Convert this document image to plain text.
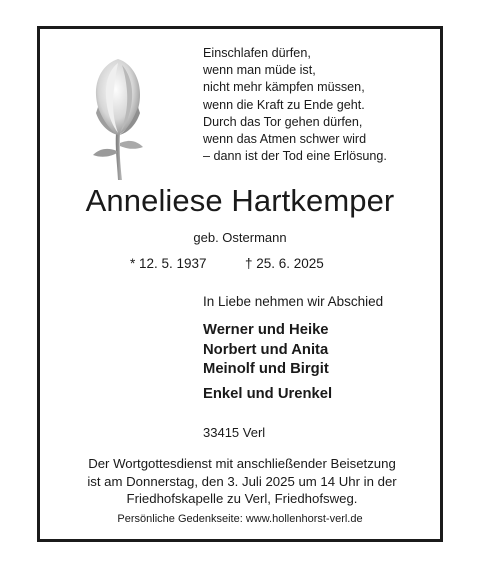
Einschlafen dürfen,
wenn man müde ist,
nicht mehr kämpfen müssen,
wenn die Kraft zu Ende geht.
Durch das Tor gehen dürfen,
wenn das Atmen schwer wird
– dann ist der Tod eine Erlösung.
Anneliese Hartkemper
geb. Ostermann
* 12. 5. 1937	† 25. 6. 2025
In Liebe nehmen wir Abschied
Werner und Heike
Norbert und Anita
Meinolf und Birgit
Enkel und Urenkel
33415 Verl
Der Wortgottesdienst mit anschließender Beisetzung
ist am Donnerstag, den 3. Juli 2025 um 14 Uhr in der
Friedhofskapelle zu Verl, Friedhofsweg.
Persönliche Gedenkseite: www.hollenhorst-verl.de
